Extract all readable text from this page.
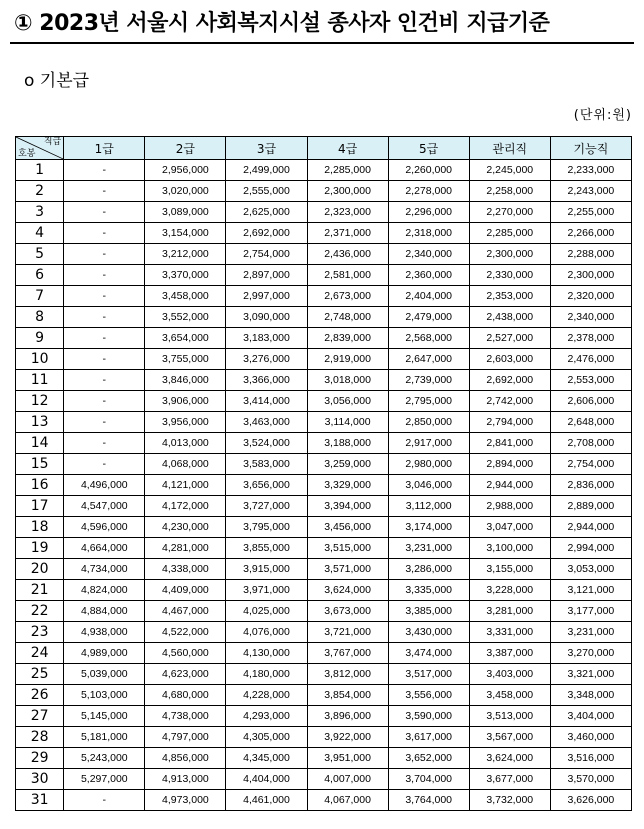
① 2023년 서울시 사회복지시설 종사자 인건비 지급기준
o 기본급
(단위:원)
직급
호봉	1급	2급	3급	4급	5급	관리직	기능직
1	-	2,956,000	2,499,000	2,285,000	2,260,000	2,245,000	2,233,000
2	-	3,020,000	2,555,000	2,300,000	2,278,000	2,258,000	2,243,000
3	-	3,089,000	2,625,000	2,323,000	2,296,000	2,270,000	2,255,000
4	-	3,154,000	2,692,000	2,371,000	2,318,000	2,285,000	2,266,000
5	-	3,212,000	2,754,000	2,436,000	2,340,000	2,300,000	2,288,000
6	-	3,370,000	2,897,000	2,581,000	2,360,000	2,330,000	2,300,000
7	-	3,458,000	2,997,000	2,673,000	2,404,000	2,353,000	2,320,000
8	-	3,552,000	3,090,000	2,748,000	2,479,000	2,438,000	2,340,000
9	-	3,654,000	3,183,000	2,839,000	2,568,000	2,527,000	2,378,000
10	-	3,755,000	3,276,000	2,919,000	2,647,000	2,603,000	2,476,000
11	-	3,846,000	3,366,000	3,018,000	2,739,000	2,692,000	2,553,000
12	-	3,906,000	3,414,000	3,056,000	2,795,000	2,742,000	2,606,000
13	-	3,956,000	3,463,000	3,114,000	2,850,000	2,794,000	2,648,000
14	-	4,013,000	3,524,000	3,188,000	2,917,000	2,841,000	2,708,000
15	-	4,068,000	3,583,000	3,259,000	2,980,000	2,894,000	2,754,000
16	4,496,000	4,121,000	3,656,000	3,329,000	3,046,000	2,944,000	2,836,000
17	4,547,000	4,172,000	3,727,000	3,394,000	3,112,000	2,988,000	2,889,000
18	4,596,000	4,230,000	3,795,000	3,456,000	3,174,000	3,047,000	2,944,000
19	4,664,000	4,281,000	3,855,000	3,515,000	3,231,000	3,100,000	2,994,000
20	4,734,000	4,338,000	3,915,000	3,571,000	3,286,000	3,155,000	3,053,000
21	4,824,000	4,409,000	3,971,000	3,624,000	3,335,000	3,228,000	3,121,000
22	4,884,000	4,467,000	4,025,000	3,673,000	3,385,000	3,281,000	3,177,000
23	4,938,000	4,522,000	4,076,000	3,721,000	3,430,000	3,331,000	3,231,000
24	4,989,000	4,560,000	4,130,000	3,767,000	3,474,000	3,387,000	3,270,000
25	5,039,000	4,623,000	4,180,000	3,812,000	3,517,000	3,403,000	3,321,000
26	5,103,000	4,680,000	4,228,000	3,854,000	3,556,000	3,458,000	3,348,000
27	5,145,000	4,738,000	4,293,000	3,896,000	3,590,000	3,513,000	3,404,000
28	5,181,000	4,797,000	4,305,000	3,922,000	3,617,000	3,567,000	3,460,000
29	5,243,000	4,856,000	4,345,000	3,951,000	3,652,000	3,624,000	3,516,000
30	5,297,000	4,913,000	4,404,000	4,007,000	3,704,000	3,677,000	3,570,000
31	-	4,973,000	4,461,000	4,067,000	3,764,000	3,732,000	3,626,000
